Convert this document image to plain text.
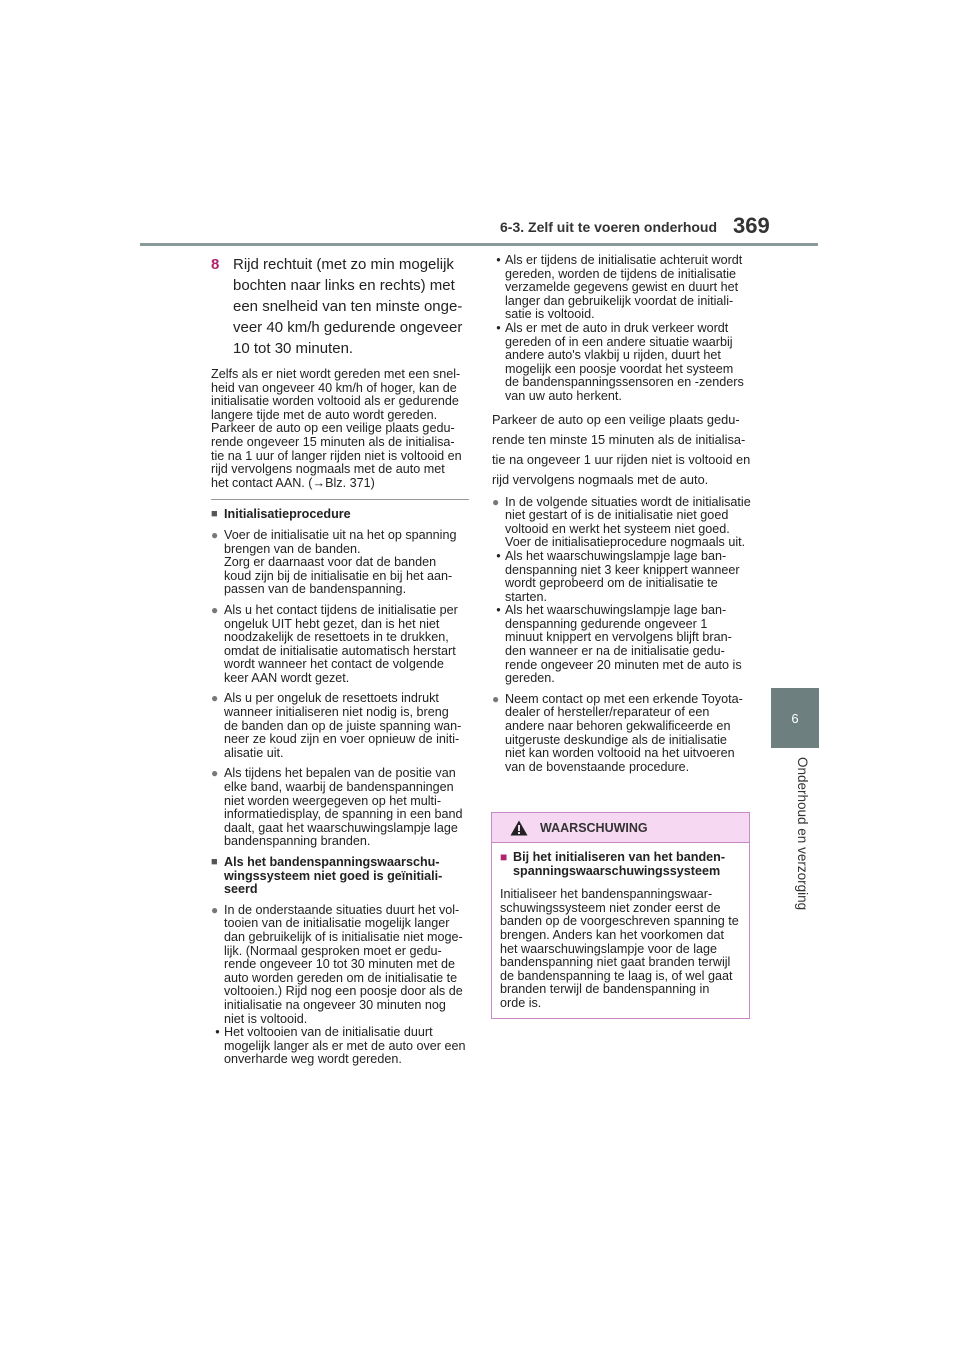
6-3. Zelf uit te voeren onderhoud 369
6
Onderhoud en verzorging
8 Rijd rechtuit (met zo min mogelijk
bochten naar links en rechts) met
een snelheid van ten minste onge-
veer 40 km/h gedurende ongeveer
10 tot 30 minuten.
Zelfs als er niet wordt gereden met een snel-
heid van ongeveer 40 km/h of hoger, kan de
initialisatie worden voltooid als er gedurende
langere tijde met de auto wordt gereden.
Parkeer de auto op een veilige plaats gedu-
rende ongeveer 15 minuten als de initialisa-
tie na 1 uur of langer rijden niet is voltooid en
rijd vervolgens nogmaals met de auto met
het contact AAN. (→Blz. 371)
■ Initialisatieprocedure
● Voer de initialisatie uit na het op spanning
brengen van de banden.
Zorg er daarnaast voor dat de banden
koud zijn bij de initialisatie en bij het aan-
passen van de bandenspanning.
● Als u het contact tijdens de initialisatie per
ongeluk UIT hebt gezet, dan is het niet
noodzakelijk de resettoets in te drukken,
omdat de initialisatie automatisch herstart
wordt wanneer het contact de volgende
keer AAN wordt gezet.
● Als u per ongeluk de resettoets indrukt
wanneer initialiseren niet nodig is, breng
de banden dan op de juiste spanning wan-
neer ze koud zijn en voer opnieuw de initi-
alisatie uit.
● Als tijdens het bepalen van de positie van
elke band, waarbij de bandenspanningen
niet worden weergegeven op het multi-
informatiedisplay, de spanning in een band
daalt, gaat het waarschuwingslampje lage
bandenspanning branden.
■ Als het bandenspanningswaarschu-
wingssysteem niet goed is geïnitiali-
seerd
● In de onderstaande situaties duurt het vol-
tooien van de initialisatie mogelijk langer
dan gebruikelijk of is initialisatie niet moge-
lijk. (Normaal gesproken moet er gedu-
rende ongeveer 10 tot 30 minuten met de
auto worden gereden om de initialisatie te
voltooien.) Rijd nog een poosje door als de
initialisatie na ongeveer 30 minuten nog
niet is voltooid.
• Het voltooien van de initialisatie duurt
mogelijk langer als er met de auto over een
onverharde weg wordt gereden.
• Als er tijdens de initialisatie achteruit wordt
gereden, worden de tijdens de initialisatie
verzamelde gegevens gewist en duurt het
langer dan gebruikelijk voordat de initiali-
satie is voltooid.
• Als er met de auto in druk verkeer wordt
gereden of in een andere situatie waarbij
andere auto's vlakbij u rijden, duurt het
mogelijk een poosje voordat het systeem
de bandenspanningssensoren en -zenders
van uw auto herkent.
Parkeer de auto op een veilige plaats gedu-
rende ten minste 15 minuten als de initialisa-
tie na ongeveer 1 uur rijden niet is voltooid en
rijd vervolgens nogmaals met de auto.
● In de volgende situaties wordt de initialisatie
niet gestart of is de initialisatie niet goed
voltooid en werkt het systeem niet goed.
Voer de initialisatieprocedure nogmaals uit.
• Als het waarschuwingslampje lage ban-
denspanning niet 3 keer knippert wanneer
wordt geprobeerd om de initialisatie te
starten.
• Als het waarschuwingslampje lage ban-
denspanning gedurende ongeveer 1
minuut knippert en vervolgens blijft bran-
den wanneer er na de initialisatie gedu-
rende ongeveer 20 minuten met de auto is
gereden.
● Neem contact op met een erkende Toyota-
dealer of hersteller/reparateur of een
andere naar behoren gekwalificeerde en
uitgeruste deskundige als de initialisatie
niet kan worden voltooid na het uitvoeren
van de bovenstaande procedure.
WAARSCHUWING
■ Bij het initialiseren van het banden-
spanningswaarschuwingssysteem
Initialiseer het bandenspanningswaar-
schuwingssysteem niet zonder eerst de
banden op de voorgeschreven spanning te
brengen. Anders kan het voorkomen dat
het waarschuwingslampje voor de lage
bandenspanning niet gaat branden terwijl
de bandenspanning te laag is, of wel gaat
branden terwijl de bandenspanning in
orde is.
